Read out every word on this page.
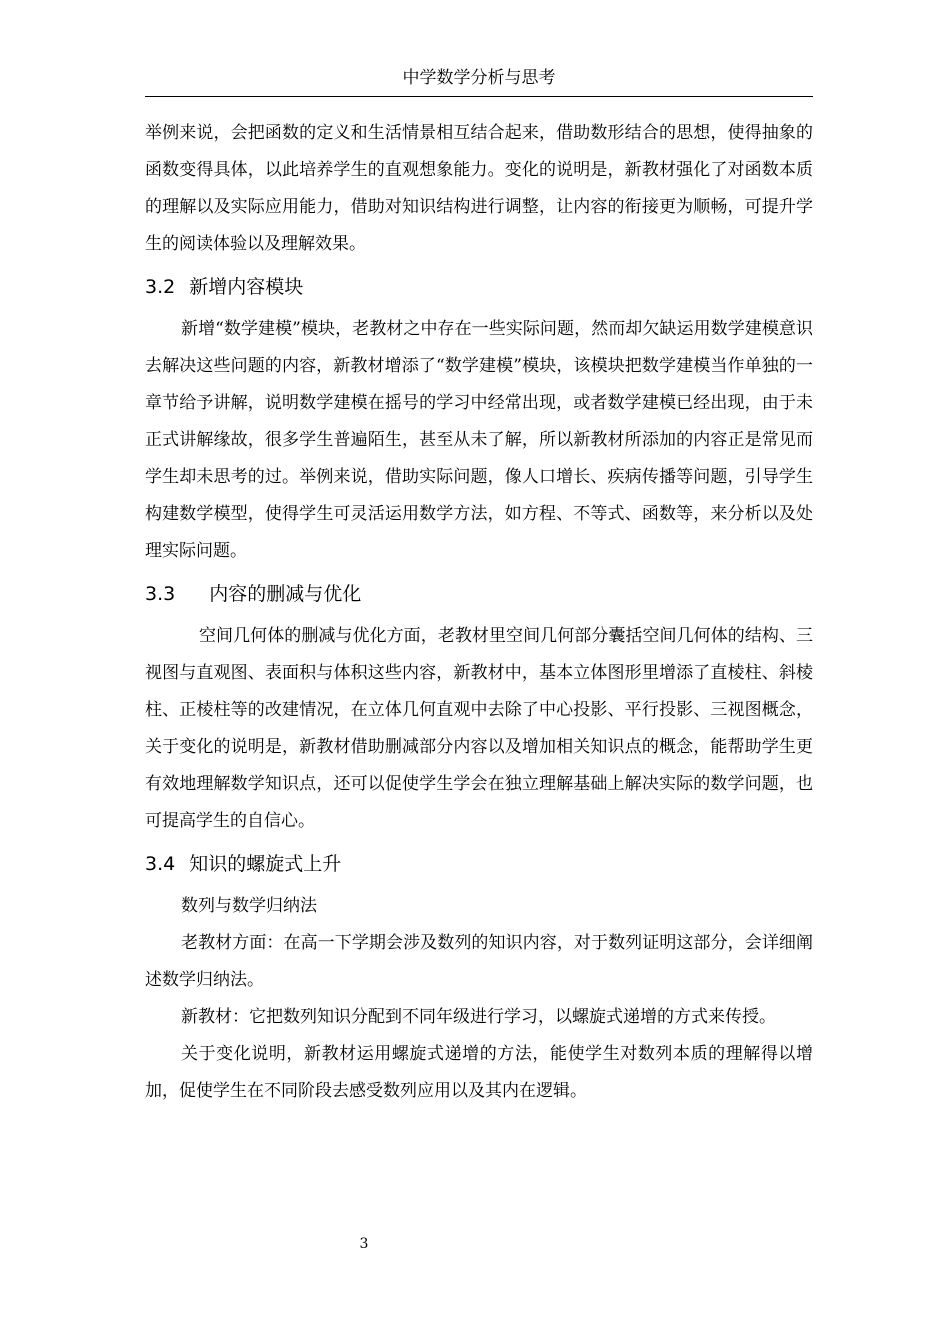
中学数学分析与思考

举例来说，会把函数的定义和生活情景相互结合起来，借助数形结合的思想，使得抽象的函数变得具体，以此培养学生的直观想象能力。变化的说明是，新教材强化了对函数本质的理解以及实际应用能力，借助对知识结构进行调整，让内容的衔接更为顺畅，可提升学生的阅读体验以及理解效果。

3.2 新增内容模块

新增“数学建模”模块，老教材之中存在一些实际问题，然而却欠缺运用数学建模意识去解决这些问题的内容，新教材增添了“数学建模”模块，该模块把数学建模当作单独的一章节给予讲解，说明数学建模在摇号的学习中经常出现，或者数学建模已经出现，由于未正式讲解缘故，很多学生普遍陌生，甚至从未了解，所以新教材所添加的内容正是常见而学生却未思考的过。举例来说，借助实际问题，像人口增长、疾病传播等问题，引导学生构建数学模型，使得学生可灵活运用数学方法，如方程、不等式、函数等，来分析以及处理实际问题。

3.3 内容的删减与优化

空间几何体的删减与优化方面，老教材里空间几何部分囊括空间几何体的结构、三视图与直观图、表面积与体积这些内容，新教材中，基本立体图形里增添了直棱柱、斜棱柱、正棱柱等的改建情况，在立体几何直观中去除了中心投影、平行投影、三视图概念，关于变化的说明是，新教材借助删减部分内容以及增加相关知识点的概念，能帮助学生更有效地理解数学知识点，还可以促使学生学会在独立理解基础上解决实际的数学问题，也可提高学生的自信心。

3.4 知识的螺旋式上升

数列与数学归纳法

老教材方面：在高一下学期会涉及数列的知识内容，对于数列证明这部分，会详细阐述数学归纳法。

新教材：它把数列知识分配到不同年级进行学习，以螺旋式递增的方式来传授。

关于变化说明，新教材运用螺旋式递增的方法，能使学生对数列本质的理解得以增加，促使学生在不同阶段去感受数列应用以及其内在逻辑。

3
